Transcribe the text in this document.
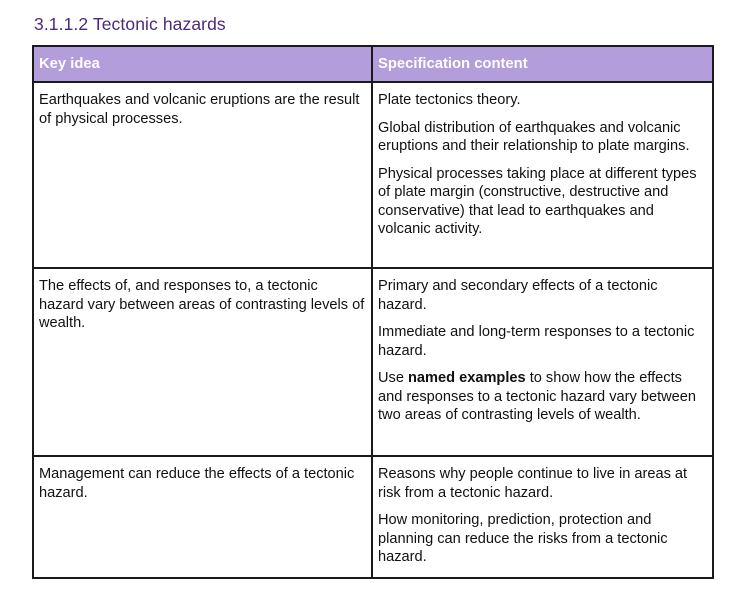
3.1.1.2 Tectonic hazards
Key idea	Specification content

Earthquakes and volcanic eruptions are the result of physical processes.	Plate tectonics theory.

Global distribution of earthquakes and volcanic eruptions and their relationship to plate margins.

Physical processes taking place at different types of plate margin (constructive, destructive and conservative) that lead to earthquakes and volcanic activity.

The effects of, and responses to, a tectonic hazard vary between areas of contrasting levels of wealth.	Primary and secondary effects of a tectonic hazard.

Immediate and long-term responses to a tectonic hazard.

Use named examples to show how the effects and responses to a tectonic hazard vary between two areas of contrasting levels of wealth.

Management can reduce the effects of a tectonic hazard.	Reasons why people continue to live in areas at risk from a tectonic hazard.

How monitoring, prediction, protection and planning can reduce the risks from a tectonic hazard.
